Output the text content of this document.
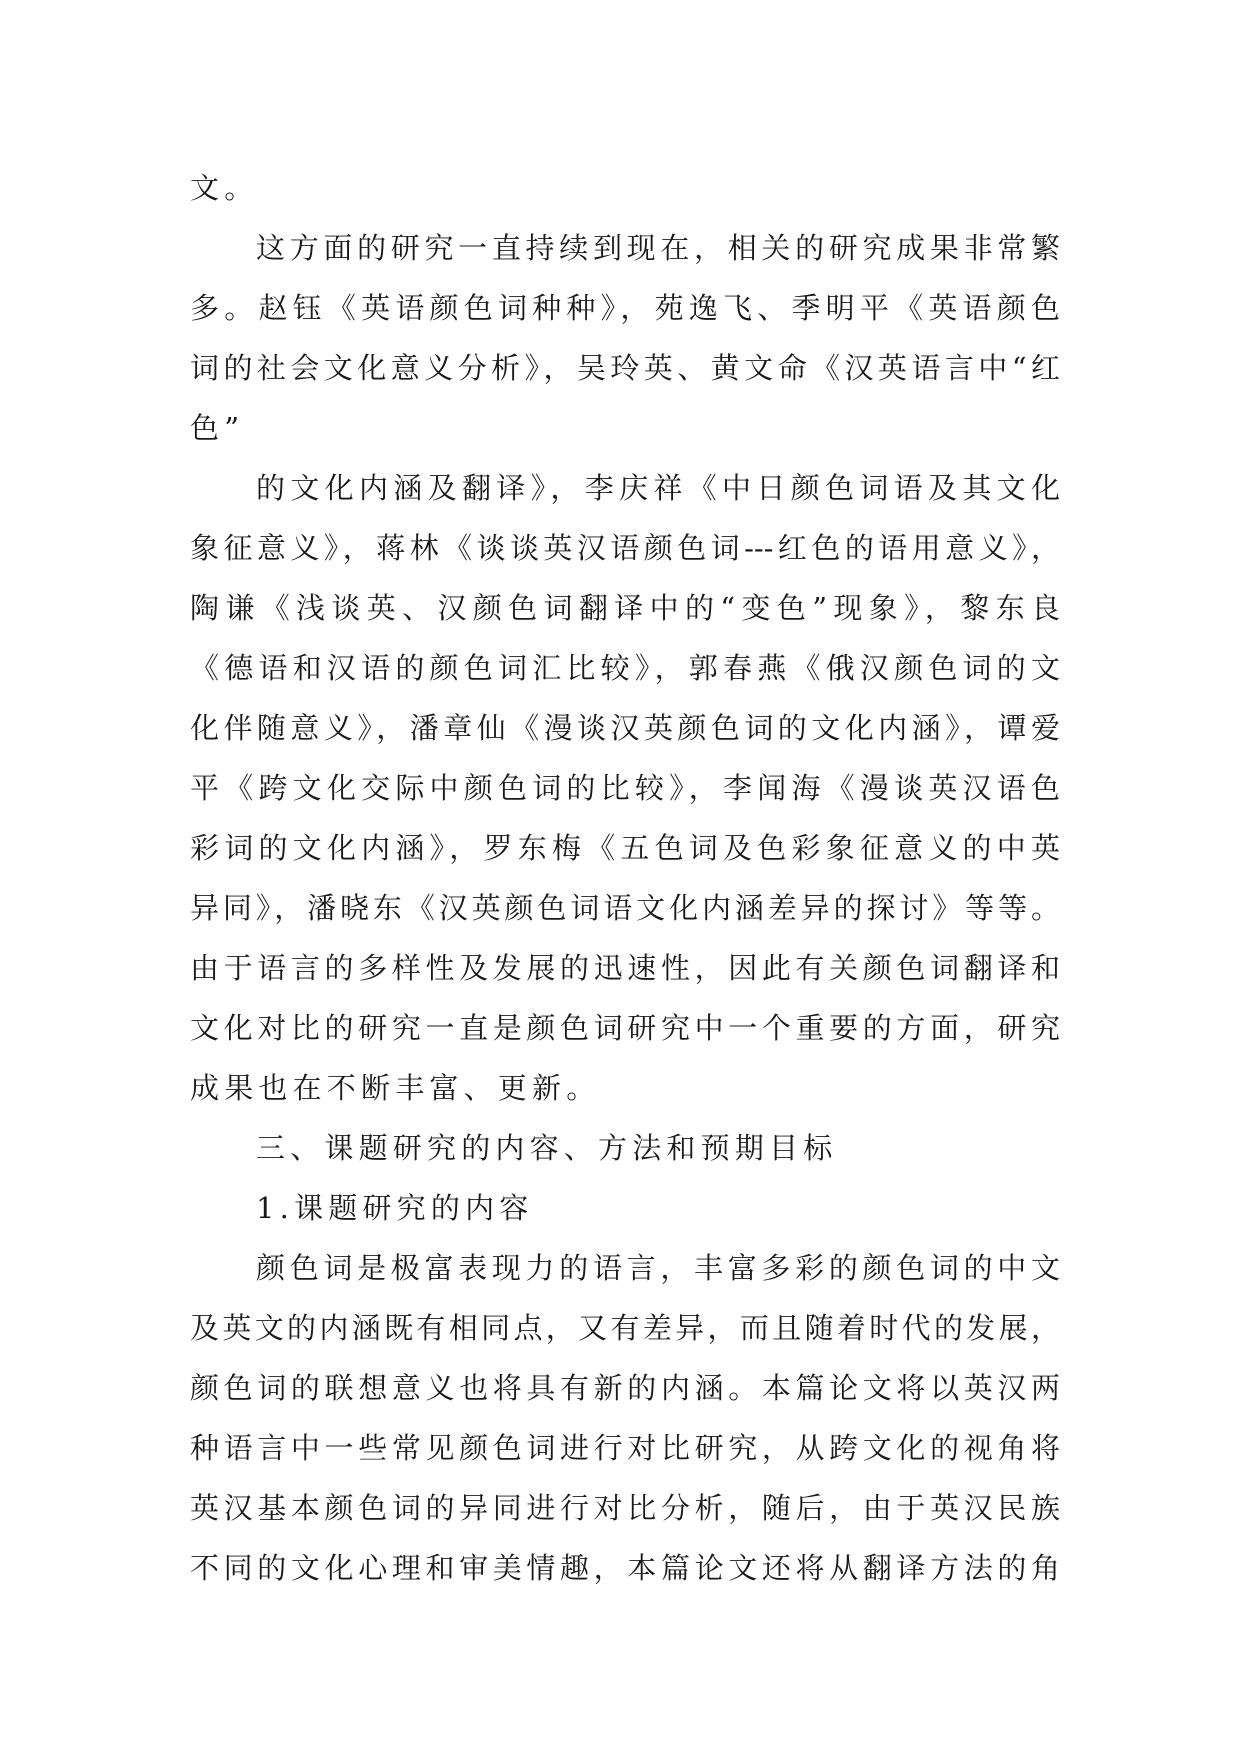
文。
这方面的研究一直持续到现在，相关的研究成果非常繁
多。赵钰《英语颜色词种种》，苑逸飞、季明平《英语颜色
词的社会文化意义分析》，吴玲英、黄文命《汉英语言中“红
色”
的文化内涵及翻译》，李庆祥《中日颜色词语及其文化
象征意义》，蒋林《谈谈英汉语颜色词---红色的语用意义》，
陶谦《浅谈英、汉颜色词翻译中的“变色”现象》，黎东良
《德语和汉语的颜色词汇比较》，郭春燕《俄汉颜色词的文
化伴随意义》，潘章仙《漫谈汉英颜色词的文化内涵》，谭爱
平《跨文化交际中颜色词的比较》，李闻海《漫谈英汉语色
彩词的文化内涵》，罗东梅《五色词及色彩象征意义的中英
异同》，潘晓东《汉英颜色词语文化内涵差异的探讨》等等。
由于语言的多样性及发展的迅速性，因此有关颜色词翻译和
文化对比的研究一直是颜色词研究中一个重要的方面，研究
成果也在不断丰富、更新。
三、课题研究的内容、方法和预期目标
1.课题研究的内容
颜色词是极富表现力的语言，丰富多彩的颜色词的中文
及英文的内涵既有相同点，又有差异，而且随着时代的发展，
颜色词的联想意义也将具有新的内涵。本篇论文将以英汉两
种语言中一些常见颜色词进行对比研究，从跨文化的视角将
英汉基本颜色词的异同进行对比分析，随后，由于英汉民族
不同的文化心理和审美情趣，本篇论文还将从翻译方法的角
